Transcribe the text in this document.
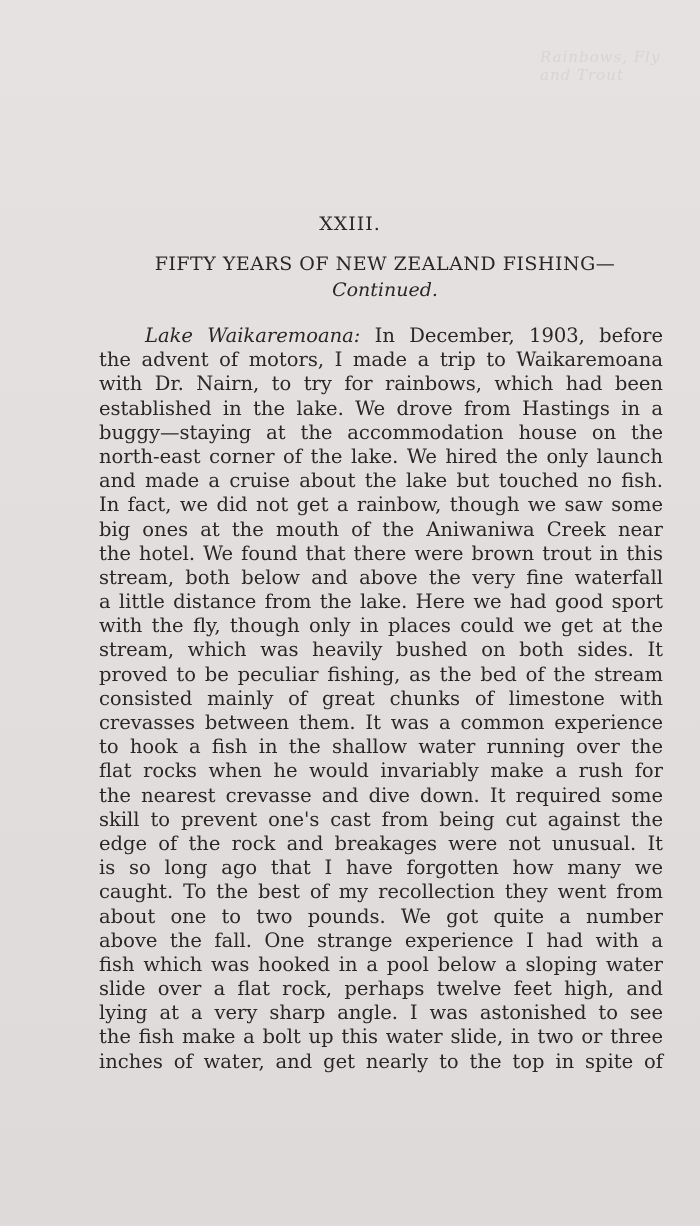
Rainbows, Fly and Trout
XXIII.
FIFTY YEARS OF NEW ZEALAND FISHING—
Continued.
Lake Waikaremoana: In December, 1903, before
the advent of motors, I made a trip to Waikaremoana
with Dr. Nairn, to try for rainbows, which had been
established in the lake. We drove from Hastings in a
buggy—staying at the accommodation house on the
north-east corner of the lake. We hired the only launch
and made a cruise about the lake but touched no fish.
In fact, we did not get a rainbow, though we saw some
big ones at the mouth of the Aniwaniwa Creek near
the hotel. We found that there were brown trout in this
stream, both below and above the very fine waterfall
a little distance from the lake. Here we had good sport
with the fly, though only in places could we get at the
stream, which was heavily bushed on both sides. It
proved to be peculiar fishing, as the bed of the stream
consisted mainly of great chunks of limestone with
crevasses between them. It was a common experience
to hook a fish in the shallow water running over the
flat rocks when he would invariably make a rush for
the nearest crevasse and dive down. It required some
skill to prevent one's cast from being cut against the
edge of the rock and breakages were not unusual. It
is so long ago that I have forgotten how many we
caught. To the best of my recollection they went from
about one to two pounds. We got quite a number
above the fall. One strange experience I had with a
fish which was hooked in a pool below a sloping water
slide over a flat rock, perhaps twelve feet high, and
lying at a very sharp angle. I was astonished to see
the fish make a bolt up this water slide, in two or three
inches of water, and get nearly to the top in spite of
